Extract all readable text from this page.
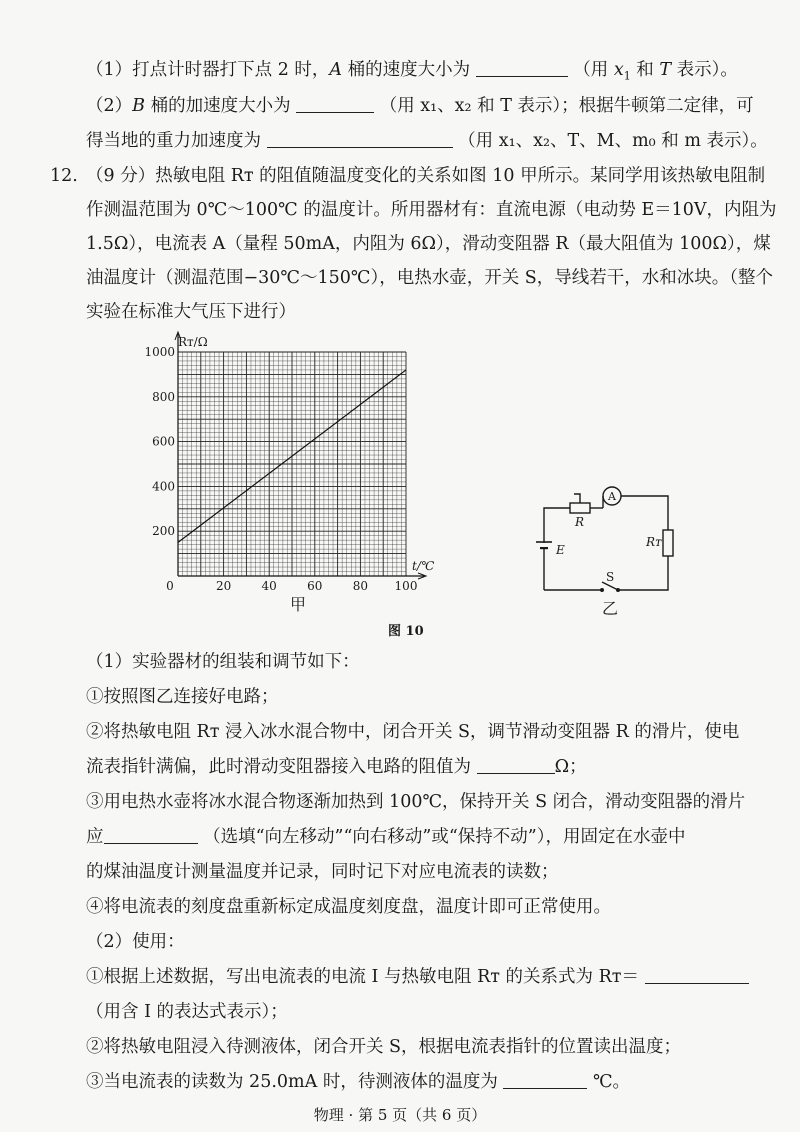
（1）打点计时器打下点 2 时，A 桶的速度大小为	（用 $x_1$ 和 T 表示）。
（2）B 桶的加速度大小为	（用 x₁、x₂ 和 T 表示）；根据牛顿第二定律，可
得当地的重力加速度为	（用 x₁、x₂、T、M、m₀ 和 m 表示）。
12. （9 分）热敏电阻 Rᴛ 的阻值随温度变化的关系如图 10 甲所示。某同学用该热敏电阻制
作测温范围为 0℃～100℃ 的温度计。所用器材有：直流电源（电动势 E＝10V，内阻为
1.5Ω），电流表 A（量程 50mA，内阻为 6Ω），滑动变阻器 R（最大阻值为 100Ω），煤
油温度计（测温范围−30℃～150℃），电热水壶，开关 S，导线若干，水和冰块。（整个
实验在标准大气压下进行）
0	20	40	60	80 100
200
400
600
800
1000
Rᴛ/Ω
t/℃
甲
A
R
Rᴛ
E
S
乙
图 10
（1）实验器材的组装和调节如下：
①按照图乙连接好电路；
②将热敏电阻 Rᴛ 浸入冰水混合物中，闭合开关 S，调节滑动变阻器 R 的滑片，使电
流表指针满偏，此时滑动变阻器接入电路的阻值为	Ω；
③用电热水壶将冰水混合物逐渐加热到 100℃，保持开关 S 闭合，滑动变阻器的滑片
应	（选填“向左移动”“向右移动”或“保持不动”），用固定在水壶中
的煤油温度计测量温度并记录，同时记下对应电流表的读数；
④将电流表的刻度盘重新标定成温度刻度盘，温度计即可正常使用。
（2）使用：
①根据上述数据，写出电流表的电流 I 与热敏电阻 Rᴛ 的关系式为 Rᴛ＝
（用含 I 的表达式表示）；
②将热敏电阻浸入待测液体，闭合开关 S，根据电流表指针的位置读出温度；
③当电流表的读数为 25.0mA 时，待测液体的温度为	℃。
物理 · 第 5 页（共 6 页）
